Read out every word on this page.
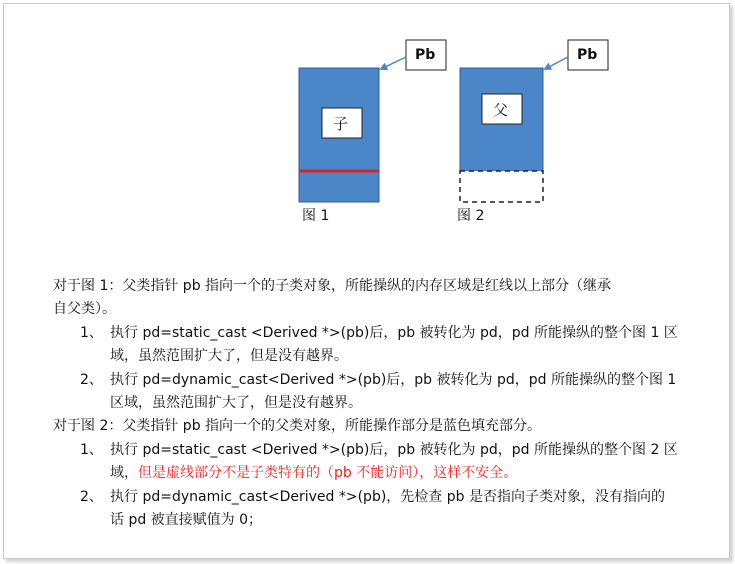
子
父
Pb	Pb
图 1	图 2
对于图 1：父类指针 pb 指向一个的子类对象，所能操纵的内存区域是红线以上部分（继承
自父类）。
1、 执行 pd=static_cast <Derived *>(pb)后，pb 被转化为 pd，pd 所能操纵的整个图 1 区
域，虽然范围扩大了，但是没有越界。
2、 执行 pd=dynamic_cast<Derived *>(pb)后，pb 被转化为 pd，pd 所能操纵的整个图 1
区域，虽然范围扩大了，但是没有越界。
对于图 2：父类指针 pb 指向一个的父类对象，所能操作部分是蓝色填充部分。
1、 执行 pd=static_cast <Derived *>(pb)后，pb 被转化为 pd，pd 所能操纵的整个图 2 区
域，但是虚线部分不是子类特有的（pb 不能访问），这样不安全。
2、 执行 pd=dynamic_cast<Derived *>(pb)，先检查 pb 是否指向子类对象，没有指向的
话 pd 被直接赋值为 0；
